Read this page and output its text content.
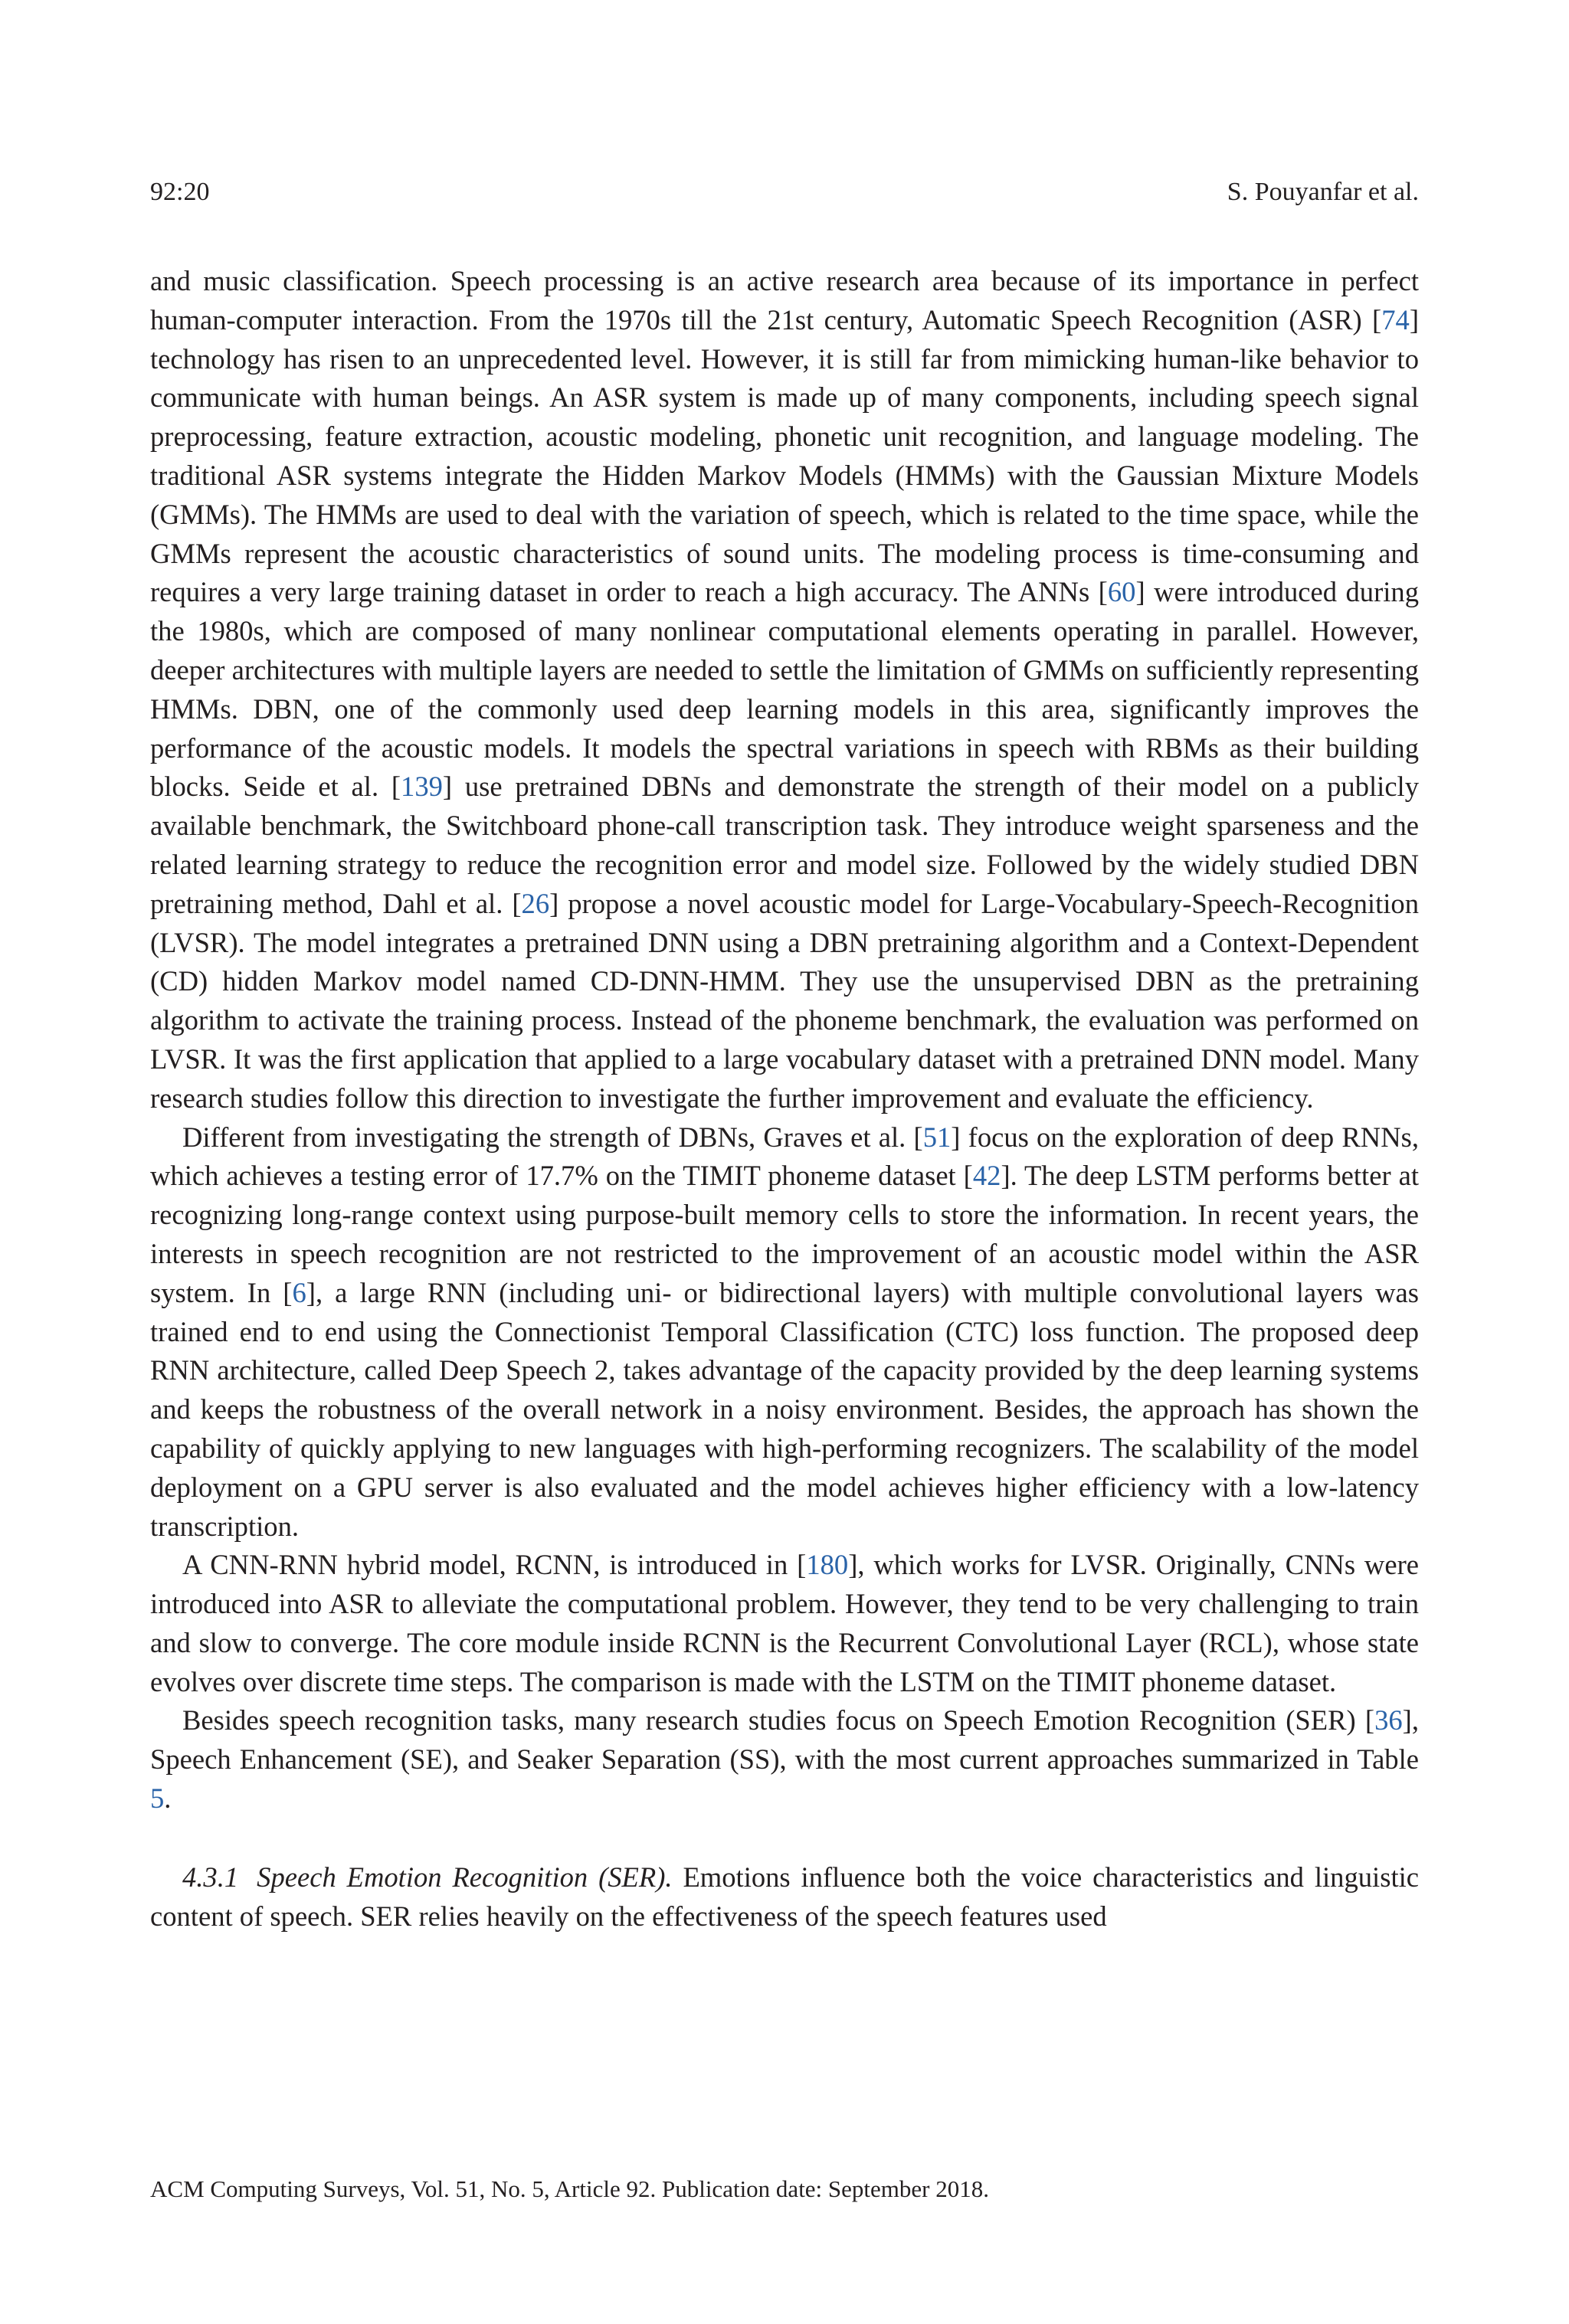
92:20	S. Pouyanfar et al.

and music classification. Speech processing is an active research area because of its importance in perfect human-computer interaction. From the 1970s till the 21st century, Automatic Speech Recognition (ASR) [74] technology has risen to an unprecedented level. However, it is still far from mimicking human-like behavior to communicate with human beings. An ASR system is made up of many components, including speech signal preprocessing, feature extraction, acoustic modeling, phonetic unit recognition, and language modeling. The traditional ASR systems integrate the Hidden Markov Models (HMMs) with the Gaussian Mixture Models (GMMs). The HMMs are used to deal with the variation of speech, which is related to the time space, while the GMMs represent the acoustic characteristics of sound units. The modeling process is time-consuming and requires a very large training dataset in order to reach a high accuracy. The ANNs [60] were introduced during the 1980s, which are composed of many nonlinear computational elements operating in parallel. However, deeper architectures with multiple layers are needed to settle the limitation of GMMs on sufficiently representing HMMs. DBN, one of the commonly used deep learning models in this area, significantly improves the performance of the acoustic models. It models the spectral variations in speech with RBMs as their building blocks. Seide et al. [139] use pretrained DBNs and demonstrate the strength of their model on a publicly available benchmark, the Switchboard phone-call transcription task. They introduce weight sparseness and the related learning strategy to reduce the recognition error and model size. Followed by the widely studied DBN pretraining method, Dahl et al. [26] propose a novel acoustic model for Large-Vocabulary-Speech-Recognition (LVSR). The model integrates a pretrained DNN using a DBN pretraining algorithm and a Context-Dependent (CD) hidden Markov model named CD-DNN-HMM. They use the unsupervised DBN as the pretraining algorithm to activate the training process. Instead of the phoneme benchmark, the evaluation was performed on LVSR. It was the first application that applied to a large vocabulary dataset with a pretrained DNN model. Many research studies follow this direction to investigate the further improvement and evaluate the efficiency.

Different from investigating the strength of DBNs, Graves et al. [51] focus on the exploration of deep RNNs, which achieves a testing error of 17.7% on the TIMIT phoneme dataset [42]. The deep LSTM performs better at recognizing long-range context using purpose-built memory cells to store the information. In recent years, the interests in speech recognition are not restricted to the improvement of an acoustic model within the ASR system. In [6], a large RNN (including uni- or bidirectional layers) with multiple convolutional layers was trained end to end using the Connectionist Temporal Classification (CTC) loss function. The proposed deep RNN architecture, called Deep Speech 2, takes advantage of the capacity provided by the deep learning systems and keeps the robustness of the overall network in a noisy environment. Besides, the approach has shown the capability of quickly applying to new languages with high-performing recognizers. The scalability of the model deployment on a GPU server is also evaluated and the model achieves higher efficiency with a low-latency transcription.

A CNN-RNN hybrid model, RCNN, is introduced in [180], which works for LVSR. Originally, CNNs were introduced into ASR to alleviate the computational problem. However, they tend to be very challenging to train and slow to converge. The core module inside RCNN is the Recurrent Convolutional Layer (RCL), whose state evolves over discrete time steps. The comparison is made with the LSTM on the TIMIT phoneme dataset.

Besides speech recognition tasks, many research studies focus on Speech Emotion Recognition (SER) [36], Speech Enhancement (SE), and Seaker Separation (SS), with the most current approaches summarized in Table 5.

4.3.1 Speech Emotion Recognition (SER). Emotions influence both the voice characteristics and linguistic content of speech. SER relies heavily on the effectiveness of the speech features used

ACM Computing Surveys, Vol. 51, No. 5, Article 92. Publication date: September 2018.
